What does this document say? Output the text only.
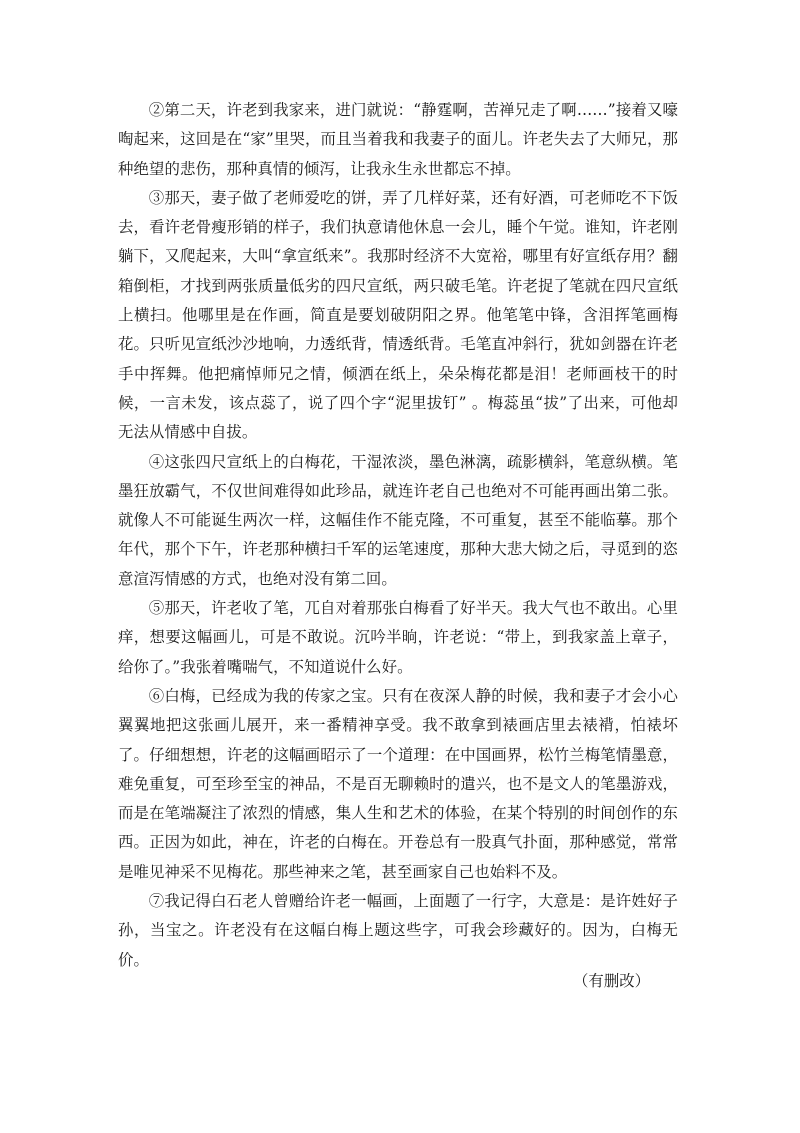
②第二天，许老到我家来，进门就说：“静霆啊，苦禅兄走了啊……”接着又嚎啕起来，这回是在“家”里哭，而且当着我和我妻子的面儿。许老失去了大师兄，那种绝望的悲伤，那种真情的倾泻，让我永生永世都忘不掉。

③那天，妻子做了老师爱吃的饼，弄了几样好菜，还有好酒，可老师吃不下饭去，看许老骨瘦形销的样子，我们执意请他休息一会儿，睡个午觉。谁知，许老刚躺下，又爬起来，大叫“拿宣纸来”。我那时经济不大宽裕，哪里有好宣纸存用？翻箱倒柜，才找到两张质量低劣的四尺宣纸，两只破毛笔。许老捉了笔就在四尺宣纸上横扫。他哪里是在作画，简直是要划破阴阳之界。他笔笔中锋，含泪挥笔画梅花。只听见宣纸沙沙地响，力透纸背，情透纸背。毛笔直冲斜行，犹如剑器在许老手中挥舞。他把痛悼师兄之情，倾洒在纸上，朵朵梅花都是泪！老师画枝干的时候，一言未发，该点蕊了，说了四个字“泥里拔钉” 。梅蕊虽“拔”了出来，可他却无法从情感中自拔。

④这张四尺宣纸上的白梅花，干湿浓淡，墨色淋漓，疏影横斜，笔意纵横。笔墨狂放霸气，不仅世间难得如此珍品，就连许老自己也绝对不可能再画出第二张。就像人不可能诞生两次一样，这幅佳作不能克隆，不可重复，甚至不能临摹。那个年代，那个下午，许老那种横扫千军的运笔速度，那种大悲大恸之后，寻觅到的恣意渲泻情感的方式，也绝对没有第二回。

⑤那天，许老收了笔，兀自对着那张白梅看了好半天。我大气也不敢出。心里痒，想要这幅画儿，可是不敢说。沉吟半晌，许老说：“带上，到我家盖上章子，给你了。”我张着嘴喘气，不知道说什么好。

⑥白梅，已经成为我的传家之宝。只有在夜深人静的时候，我和妻子才会小心翼翼地把这张画儿展开，来一番精神享受。我不敢拿到裱画店里去裱褙，怕裱坏了。仔细想想，许老的这幅画昭示了一个道理：在中国画界，松竹兰梅笔情墨意，难免重复，可至珍至宝的神品，不是百无聊赖时的遣兴，也不是文人的笔墨游戏，而是在笔端凝注了浓烈的情感，集人生和艺术的体验，在某个特别的时间创作的东西。正因为如此，神在，许老的白梅在。开卷总有一股真气扑面，那种感觉，常常是唯见神采不见梅花。那些神来之笔，甚至画家自己也始料不及。

⑦我记得白石老人曾赠给许老一幅画，上面题了一行字，大意是：是许姓好子孙，当宝之。许老没有在这幅白梅上题这些字，可我会珍藏好的。因为，白梅无价。

（有删改）
